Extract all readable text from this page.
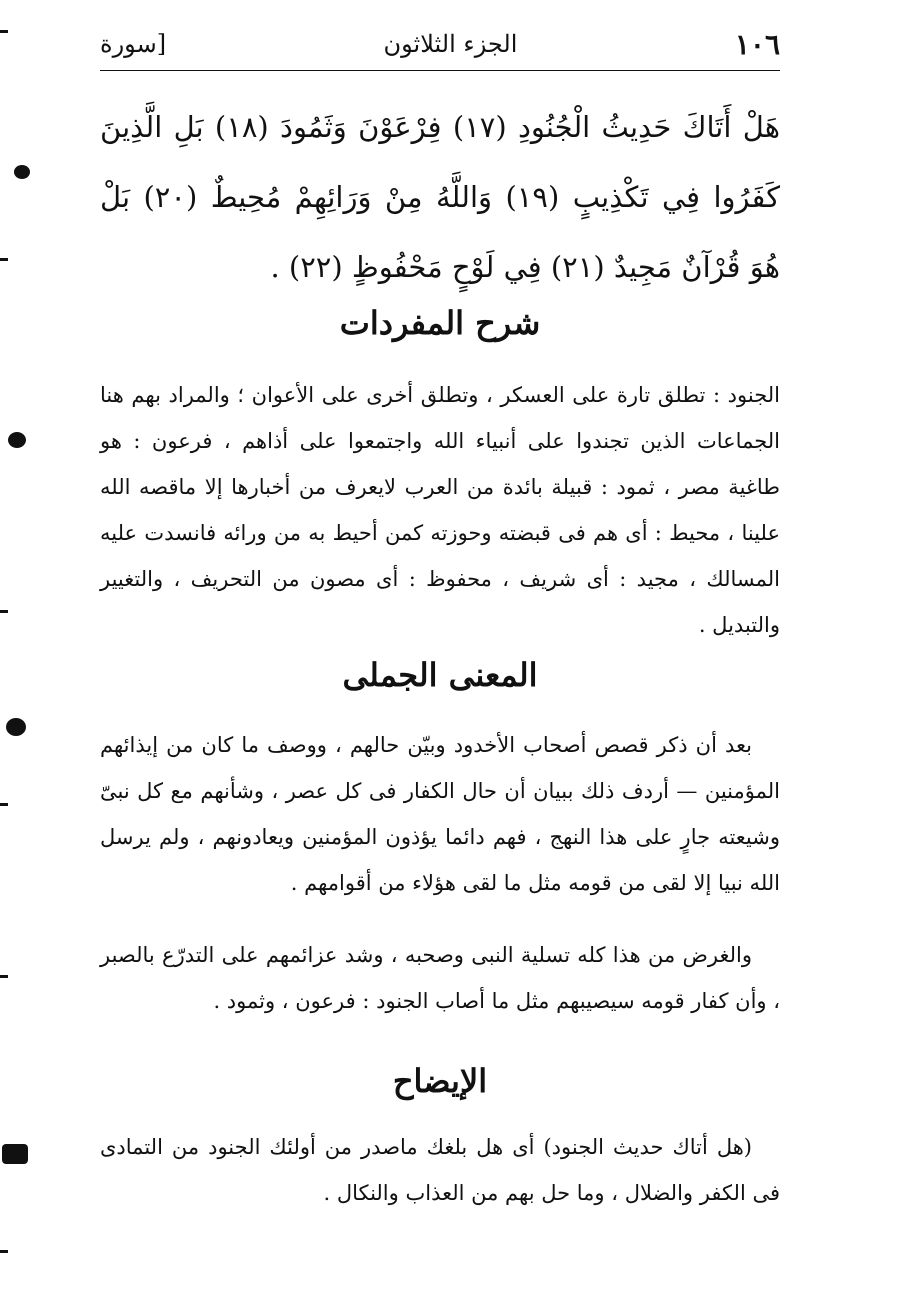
١٠٦
الجزء الثلاثون
[سورة
هَلْ أَتَاكَ حَدِيثُ الْجُنُودِ (١٧) فِرْعَوْنَ وَثَمُودَ (١٨) بَلِ الَّذِينَ كَفَرُوا فِي تَكْذِيبٍ (١٩) وَاللَّهُ مِنْ وَرَائِهِمْ مُحِيطٌ (٢٠) بَلْ هُوَ قُرْآنٌ مَجِيدٌ (٢١) فِي لَوْحٍ مَحْفُوظٍ (٢٢) .
شرح المفردات

الجنود : تطلق تارة على العسكر ، وتطلق أخرى على الأعوان ؛ والمراد بهم هنا الجماعات الذين تجندوا على أنبياء الله واجتمعوا على أذاهم ، فرعون : هو طاغية مصر ، ثمود : قبيلة بائدة من العرب لايعرف من أخبارها إلا ماقصه الله علينا ، محيط : أى هم فى قبضته وحوزته كمن أحيط به من ورائه فانسدت عليه المسالك ، مجيد : أى شريف ، محفوظ : أى مصون من التحريف ، والتغيير والتبديل .

المعنى الجملى

بعد أن ذكر قصص أصحاب الأخدود وبيّن حالهم ، ووصف ما كان من إيذائهم المؤمنين — أردف ذلك ببيان أن حال الكفار فى كل عصر ، وشأنهم مع كل نبىّ وشيعته جارٍ على هذا النهج ، فهم دائما يؤذون المؤمنين ويعادونهم ، ولم يرسل الله نبيا إلا لقى من قومه مثل ما لقى هؤلاء من أقوامهم .

والغرض من هذا كله تسلية النبى وصحبه ، وشد عزائمهم على التدرّع بالصبر ، وأن كفار قومه سيصيبهم مثل ما أصاب الجنود : فرعون ، وثمود .

الإيضاح

(هل أتاك حديث الجنود) أى هل بلغك ماصدر من أولئك الجنود من التمادى فى الكفر والضلال ، وما حل بهم من العذاب والنكال .
